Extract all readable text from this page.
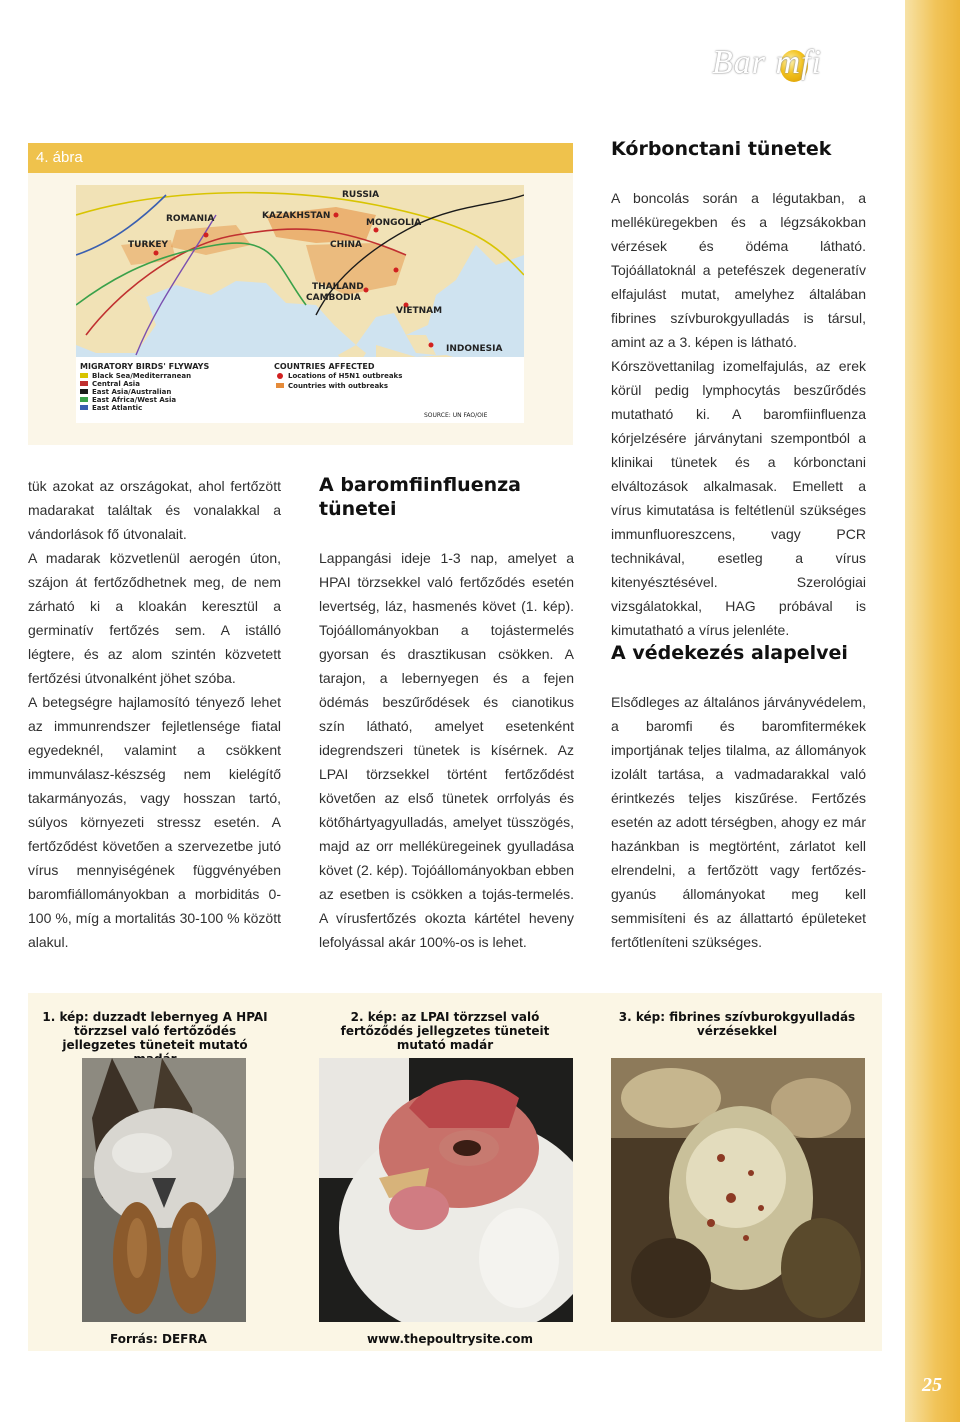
25
Bar mfi
4. ábra
RUSSIA
ROMANIA	KAZAKHSTAN
MONGOLIA
TURKEY	CHINA
THAILAND
CAMBODIA
VIETNAM
INDONESIA
MIGRATORY BIRDS' FLYWAYS	COUNTRIES AFFECTED
Black Sea/Mediterranean
Central Asia
East Asia/Australian
East Africa/West Asia
East Atlantic
Locations of H5N1 outbreaks
Countries with outbreaks
SOURCE: UN FAO/OIE

tük azokat az országokat, ahol fertőzött madarakat találtak és vonalakkal a vándorlások fő útvonalait.

A madarak közvetlenül aerogén úton, szájon át fertőződhetnek meg, de nem zárható ki a kloakán keresztül a germinatív fertőzés sem. A istálló légtere, és az alom szintén közvetett fertőzési útvonalként jöhet szóba.

A betegségre hajlamosító tényező lehet az immunrendszer fejletlensége fiatal egyedeknél, valamint a csökkent immunválasz-készség nem kielégítő takarmányozás, vagy hosszan tartó, súlyos környezeti stressz esetén. A fertőződést követően a szervezetbe jutó vírus mennyiségének függvényében baromfiállományokban a morbiditás 0-100 %, míg a mortalitás 30-100 % között alakul.

A baromfiinfluenza tünetei

Lappangási ideje 1-3 nap, amelyet a HPAI törzsekkel való fertőződés esetén levertség, láz, hasmenés követ (1. kép). Tojóállományokban a tojástermelés gyorsan és drasztikusan csökken. A tarajon, a lebernyegen és a fejen ödémás beszűrődések és cianotikus szín látható, amelyet esetenként idegrendszeri tünetek is kísérnek. Az LPAI törzsekkel történt fertőződést követően az első tünetek orrfolyás és kötőhártyagyulladás, amelyet tüsszögés, majd az orr melléküregeinek gyulladása követ (2. kép). Tojóállományokban ebben az esetben is csökken a tojás-termelés. A vírusfertőzés okozta kártétel heveny lefolyással akár 100%-os is lehet.

Kórbonctani tünetek

A boncolás során a légutakban, a melléküregekben és a légzsákokban vérzések és ödéma látható. Tojóállatoknál a petefészek degeneratív elfajulást mutat, amelyhez általában fibrines szívburokgyulladás is társul, amint az a 3. képen is látható.

Kórszövettanilag izomelfajulás, az erek körül pedig lymphocytás beszűrődés mutatható ki. A baromfiinfluenza kórjelzésére járványtani szempontból a klinikai tünetek és a kórbonctani elváltozások alkalmasak. Emellett a vírus kimutatása is feltétlenül szükséges immunfluoreszcens, vagy PCR technikával, esetleg a vírus kitenyésztésével. Szerológiai vizsgálatokkal, HAG próbával is kimutatható a vírus jelenléte.

A védekezés alapelvei

Elsődleges az általános járványvédelem, a baromfi és baromfitermékek importjának teljes tilalma, az állományok izolált tartása, a vadmadarakkal való érintkezés teljes kiszűrése. Fertőzés esetén az adott térségben, ahogy ez már hazánkban is megtörtént, zárlatot kell elrendelni, a fertőzött vagy fertőzés-gyanús állományokat meg kell semmisíteni és az állattartó épületeket fertőtleníteni szükséges.

1. kép: duzzadt lebernyeg A HPAI törzzsel való fertőződés jellegzetes tüneteit mutató
2. kép: az LPAI törzzsel való fertőződés jellegzetes tüneteit mutató madár
3. kép: fibrines szívburokgyulladás vérzésekkel
Forrás: DEFRA	www.thepoultrysite.com
